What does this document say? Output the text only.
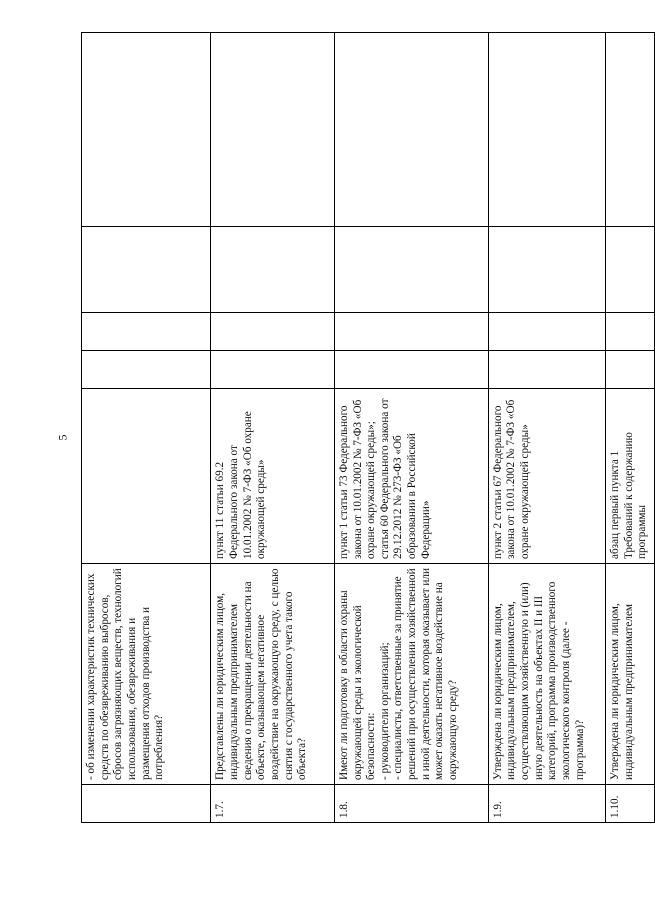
5
	- об изменении характеристик технических средств по обезвреживанию выбросов, сбросов загрязняющих веществ, технологий использования, обезвреживания и размещения отходов производства и потребления?					
1.7.	Представлены ли юридическим лицом, индивидуальным предпринимателем сведения о прекращении деятельности на объекте, оказывающем негативное воздействие на окружающую среду, с целью снятия с государственного учета такого объекта?	пункт 11 статьи 69.2 Федерального закона от 10.01.2002 № 7-ФЗ «Об охране окружающей среды»				
1.8.	Имеют ли подготовку в области охраны окружающей среды и экологической безопасности:
- руководители организаций;
- специалисты, ответственные за принятие решений при осуществлении хозяйственной и иной деятельности, которая оказывает или может оказать негативное воздействие на окружающую среду?	пункт 1 статьи 73 Федерального закона от 10.01.2002 № 7-ФЗ «Об охране окружающей среды»;
статья 60 Федерального закона от 29.12.2012 № 273-ФЗ «Об образовании в Российской Федерации»				
1.9.	Утверждена ли юридическим лицом, индивидуальным предпринимателем, осуществляющим хозяйственную и (или) иную деятельность на объектах II и III категорий, программа производственного экологического контроля (далее - программа)?	пункт 2 статьи 67 Федерального закона от 10.01.2002 № 7-ФЗ «Об охране окружающей среды»				
1.10.	Утверждена ли юридическим лицом, индивидуальным предпринимателем	абзац первый пункта 1 Требований к содержанию программы				
